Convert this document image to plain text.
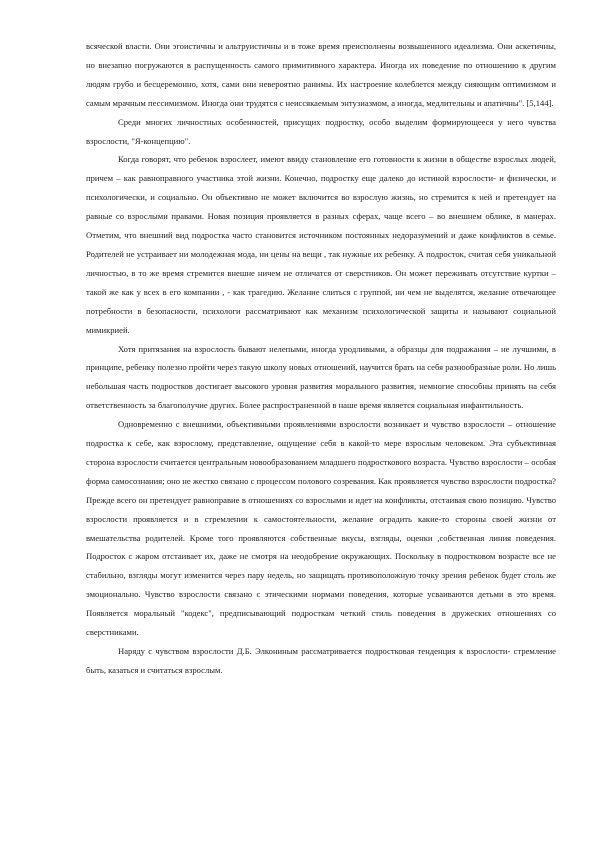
всяческой власти. Они эгоистичны и альтруистичны и в тоже время преисполнены возвышенного идеализма. Они аскетичны, но внезапно погружаются в распущенность самого примитивного характера. Иногда их поведение по отношению к другим людям грубо и бесцеремонно, хотя, сами они невероятно ранимы. Их настроение колеблется между сияющим оптимизмом и самым мрачным пессимизмом. Иногда они трудятся с неиссякаемым энтузиазмом, а иногда, медлительны и апатичны". [5,144].

Среди многих личностных особенностей, присущих подростку, особо выделим формирующееся у него чувства взрослости, "Я-концепцию".

Когда говорят, что ребенок взрослеет, имеют ввиду становление его готовности к жизни в обществе взрослых людей, причем – как равноправного участника этой жизни. Конечно, подростку еще далеко до истиной взрослости- и физически, и психологически, и социально. Он объективно не может включится во взрослую жизнь, но стремится к ней и претендует на равные со взрослыми правами. Новая позиция проявляется в разных сферах, чаще всего – во внешнем облике, в манерах. Отметим, что внешний вид подростка часто становится источником постоянных недоразумений и даже конфликтов в семье. Родителей не устраивает ни молодежная мода, ни цены на вещи , так нужные их ребенку. А подросток, считая себя уникальной личностью, в то же время стремится внешне ничем не отличатся от сверстников. Он может переживать отсутствие куртки – такой же как у всех в его компании , - как трагедию. Желание слиться с группой, ни чем не выделятся, желание отвечающее потребности в безопасности, психологи рассматривают как механизм психологической защиты и называют социальной мимикрией.

Хотя притязания на взрослость бывают нелепыми, иногда уродливыми, а образцы для подражания – не лучшими, в принципе, ребенку полезно пройти через такую школу новых отношений, научится брать на себя разнообразные роли. Но лишь небольшая часть подростков достигает высокого уровня развития морального развития, немногие способны принять на себя ответственность за благополучие других. Более распространенной в наше время является социальная инфантильность.

Одновременно с внешними, объективными проявлениями взрослости возникает и чувство взрослости – отношение подростка к себе, как взрослому, представление, ощущение себя в какой-то мере взрослым человеком. Эта субъективная сторона взрослости считается центральным новообразованием младшего подросткового возраста. Чувство взрослости – особая форма самосознания; оно не жестко связано с процессом полового созревания. Как проявляется чувство взрослости подростка? Прежде всего он претендует равноправие в отношениях со взрослыми и идет на конфликты, отстаивая свою позицию. Чувство взрослости проявляется и в стремлении к самостоятельности, желание оградить какие-то стороны своей жизни от вмешательства родителей. Кроме того проявляются собственные вкусы, взгляды, оценки ,собственная линия поведения. Подросток с жаром отстаивает их, даже не смотря на неодобрение окружающих. Поскольку в подростковом возрасте все не стабильно, взгляды могут изменится через пару недель, но защищать противоположную точку зрения ребенок будет столь же эмоционально. Чувство взрослости связано с этическими нормами поведения, которые усваиваются детьми в это время. Появляется моральный "кодекс", предписывающий подросткам четкий стиль поведения в дружеских отношениях со сверстниками.

Наряду с чувством взрослости Д.Б. Элкониным рассматривается подростковая тенденция к взрослости- стремление быть, казаться и считаться взрослым.
